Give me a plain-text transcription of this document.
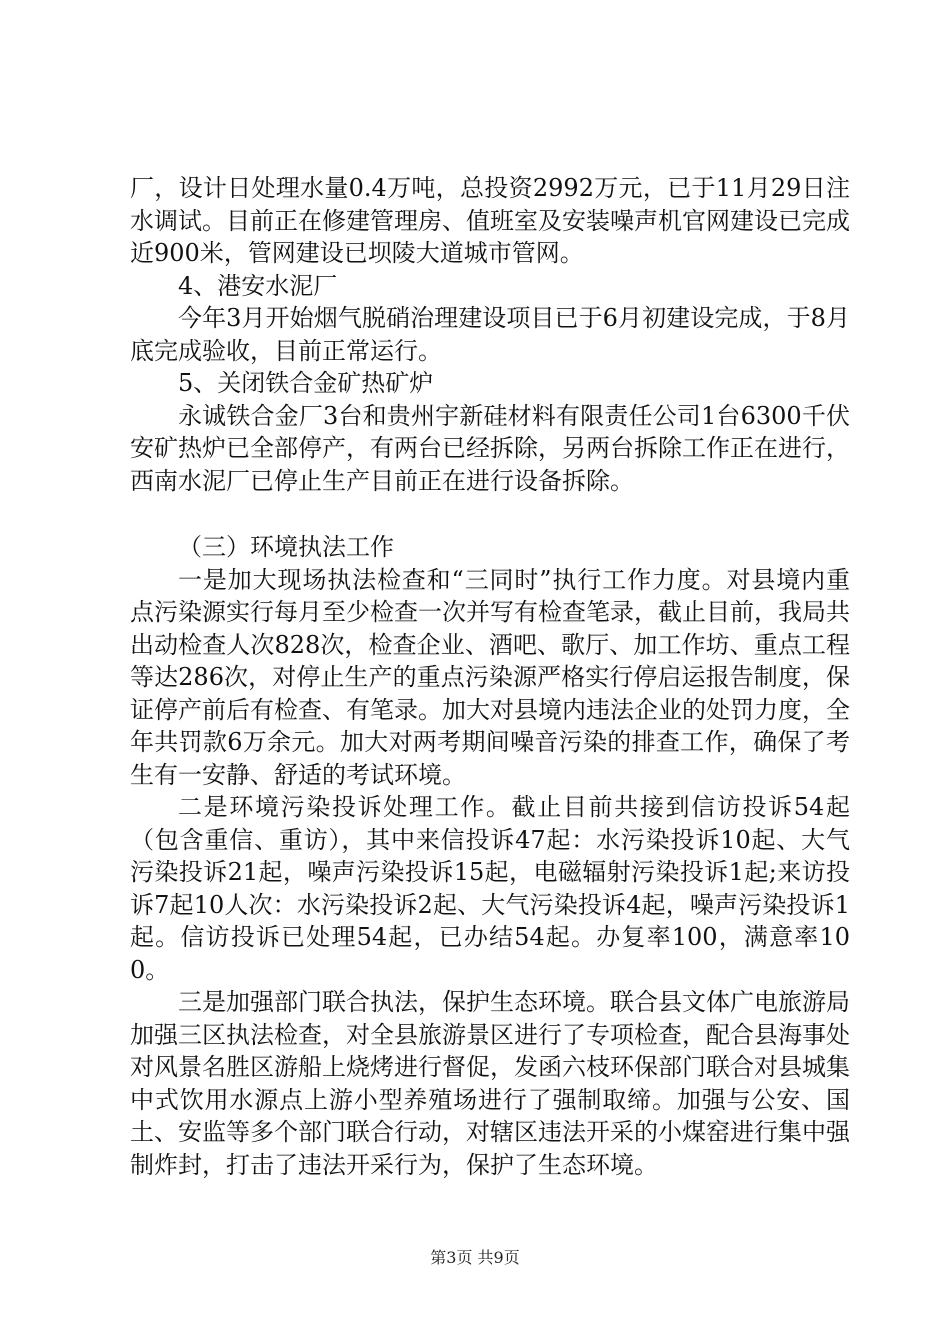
厂，设计日处理水量0.4万吨，总投资2992万元，已于11月29日注水调试。目前正在修建管理房、值班室及安装噪声机官网建设已完成近900米，管网建设已坝陵大道城市管网。

4、港安水泥厂

今年3月开始烟气脱硝治理建设项目已于6月初建设完成，于8月底完成验收，目前正常运行。

5、关闭铁合金矿热矿炉

永诚铁合金厂3台和贵州宇新硅材料有限责任公司1台6300千伏安矿热炉已全部停产，有两台已经拆除，另两台拆除工作正在进行，西南水泥厂已停止生产目前正在进行设备拆除。

（三）环境执法工作

一是加大现场执法检查和“三同时”执行工作力度。对县境内重点污染源实行每月至少检查一次并写有检查笔录，截止目前，我局共出动检查人次828次，检查企业、酒吧、歌厅、加工作坊、重点工程等达286次，对停止生产的重点污染源严格实行停启运报告制度，保证停产前后有检查、有笔录。加大对县境内违法企业的处罚力度，全年共罚款6万余元。加大对两考期间噪音污染的排查工作，确保了考生有一安静、舒适的考试环境。

二是环境污染投诉处理工作。截止目前共接到信访投诉54起（包含重信、重访），其中来信投诉47起：水污染投诉10起、大气污染投诉21起，噪声污染投诉15起，电磁辐射污染投诉1起;来访投诉7起10人次：水污染投诉2起、大气污染投诉4起，噪声污染投诉1起。信访投诉已处理54起，已办结54起。办复率100，满意率100。

三是加强部门联合执法，保护生态环境。联合县文体广电旅游局加强三区执法检查，对全县旅游景区进行了专项检查，配合县海事处对风景名胜区游船上烧烤进行督促，发函六枝环保部门联合对县城集中式饮用水源点上游小型养殖场进行了强制取缔。加强与公安、国土、安监等多个部门联合行动，对辖区违法开采的小煤窑进行集中强制炸封，打击了违法开采行为，保护了生态环境。

第3页 共9页
